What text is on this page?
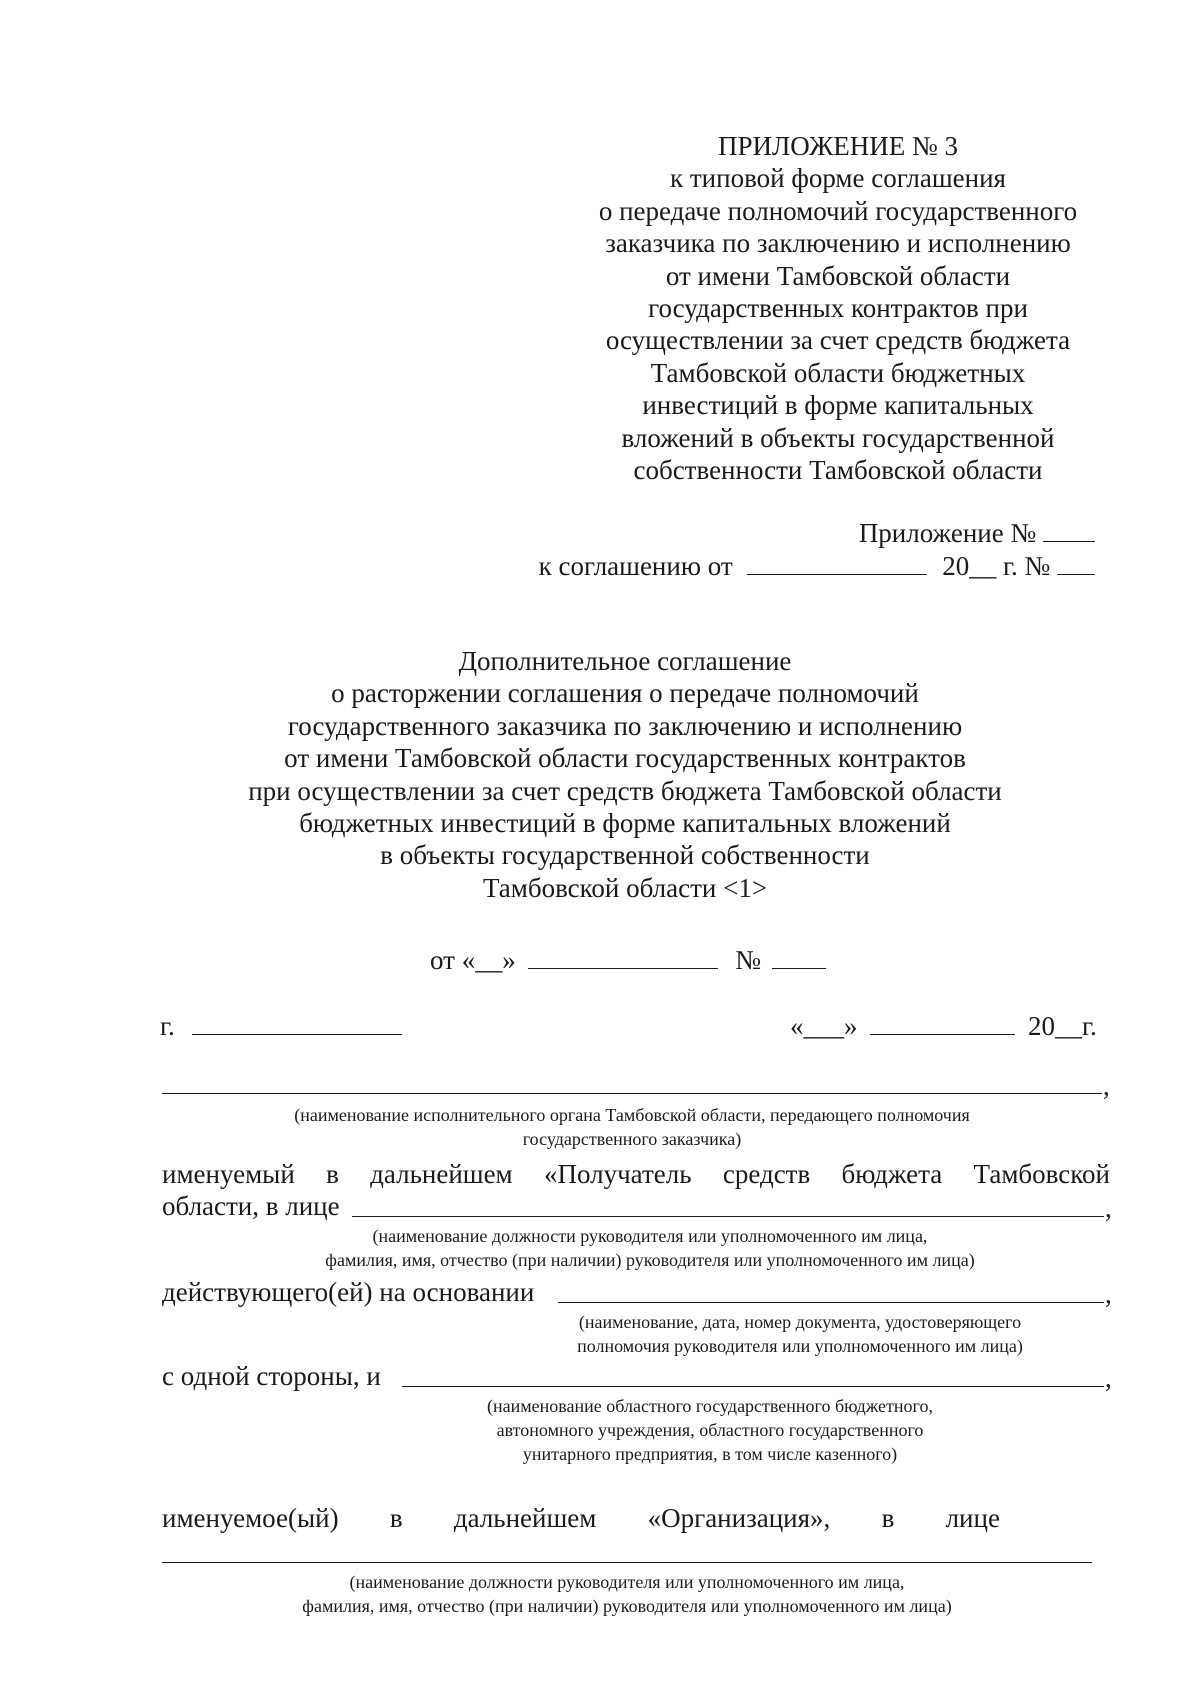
ПРИЛОЖЕНИЕ № 3
к типовой форме соглашения
о передаче полномочий государственного
заказчика по заключению и исполнению
от имени Тамбовской области
государственных контрактов при
осуществлении за счет средств бюджета
Тамбовской области бюджетных
инвестиций в форме капитальных
вложений в объекты государственной
собственности Тамбовской области
Приложение №
к соглашению от	20__ г. №
Дополнительное соглашение
о расторжении соглашения о передаче полномочий
государственного заказчика по заключению и исполнению
от имени Тамбовской области государственных контрактов
при осуществлении за счет средств бюджета Тамбовской области
бюджетных инвестиций в форме капитальных вложений
в объекты государственной собственности
Тамбовской области <1>
от «__»	№
г.	«___»	20__г.
,
(наименование исполнительного органа Тамбовской области, передающего полномочия
государственного заказчика)
именуемый в дальнейшем «Получатель средств бюджета Тамбовской
области, в лице	,
(наименование должности руководителя или уполномоченного им лица,
фамилия, имя, отчество (при наличии) руководителя или уполномоченного им лица)
действующего(ей) на основании	,
(наименование, дата, номер документа, удостоверяющего
полномочия руководителя или уполномоченного им лица)
с одной стороны, и	,
(наименование областного государственного бюджетного,
автономного учреждения, областного государственного
унитарного предприятия, в том числе казенного)
именуемое(ый) в дальнейшем «Организация», в лице
(наименование должности руководителя или уполномоченного им лица,
фамилия, имя, отчество (при наличии) руководителя или уполномоченного им лица)
